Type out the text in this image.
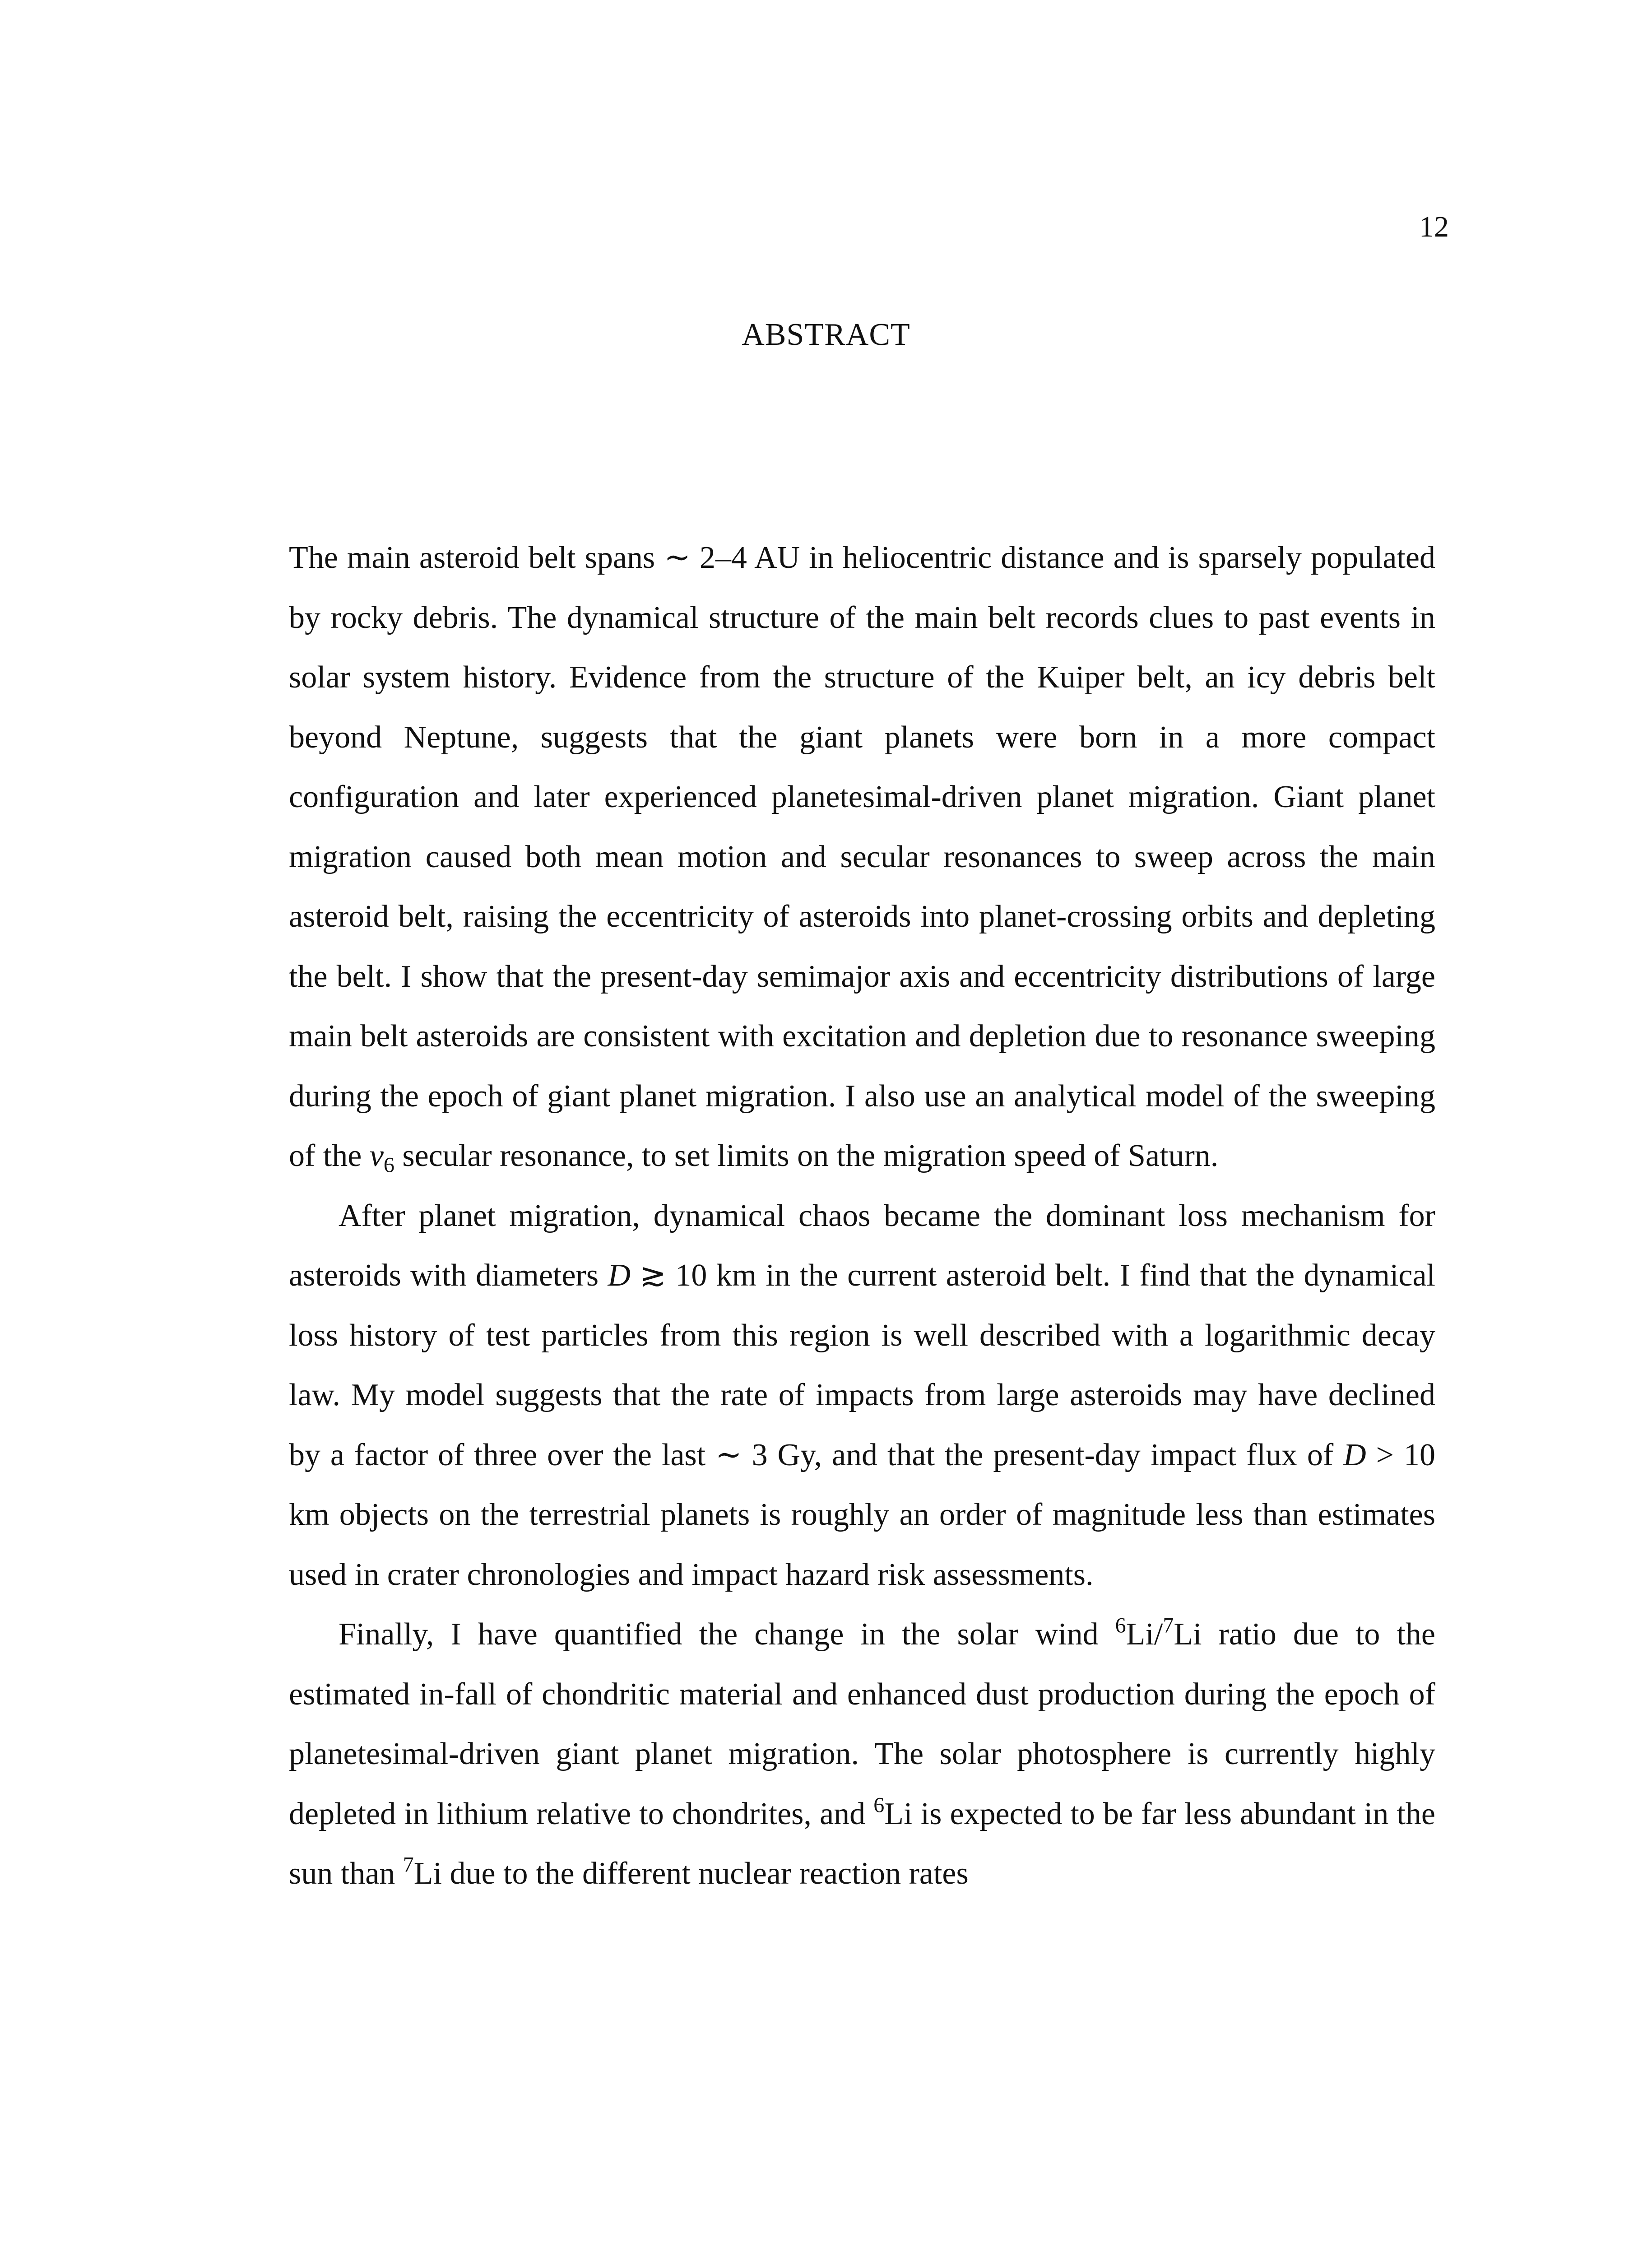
12
ABSTRACT

The main asteroid belt spans ∼ 2–4 AU in heliocentric distance and is sparsely populated by rocky debris. The dynamical structure of the main belt records clues to past events in solar system history. Evidence from the structure of the Kuiper belt, an icy debris belt beyond Neptune, suggests that the giant planets were born in a more compact configuration and later experienced planetesimal-driven planet migration. Giant planet migration caused both mean motion and secular resonances to sweep across the main asteroid belt, raising the eccentricity of asteroids into planet-crossing orbits and depleting the belt. I show that the present-day semimajor axis and eccentricity distributions of large main belt asteroids are consistent with excitation and depletion due to resonance sweeping during the epoch of giant planet migration. I also use an analytical model of the sweeping of the $\nu_6$ secular resonance, to set limits on the migration speed of Saturn.

After planet migration, dynamical chaos became the dominant loss mechanism for asteroids with diameters D ≳ 10 km in the current asteroid belt. I find that the dynamical loss history of test particles from this region is well described with a logarithmic decay law. My model suggests that the rate of impacts from large asteroids may have declined by a factor of three over the last ∼ 3 Gy, and that the present-day impact flux of D > 10 km objects on the terrestrial planets is roughly an order of magnitude less than estimates used in crater chronologies and impact hazard risk assessments.

Finally, I have quantified the change in the solar wind $^6$Li/$^7$Li ratio due to the estimated in-fall of chondritic material and enhanced dust production during the epoch of planetesimal-driven giant planet migration. The solar photosphere is currently highly depleted in lithium relative to chondrites, and $^6$Li is expected to be far less abundant in the sun than $^7$Li due to the different nuclear reaction rates
